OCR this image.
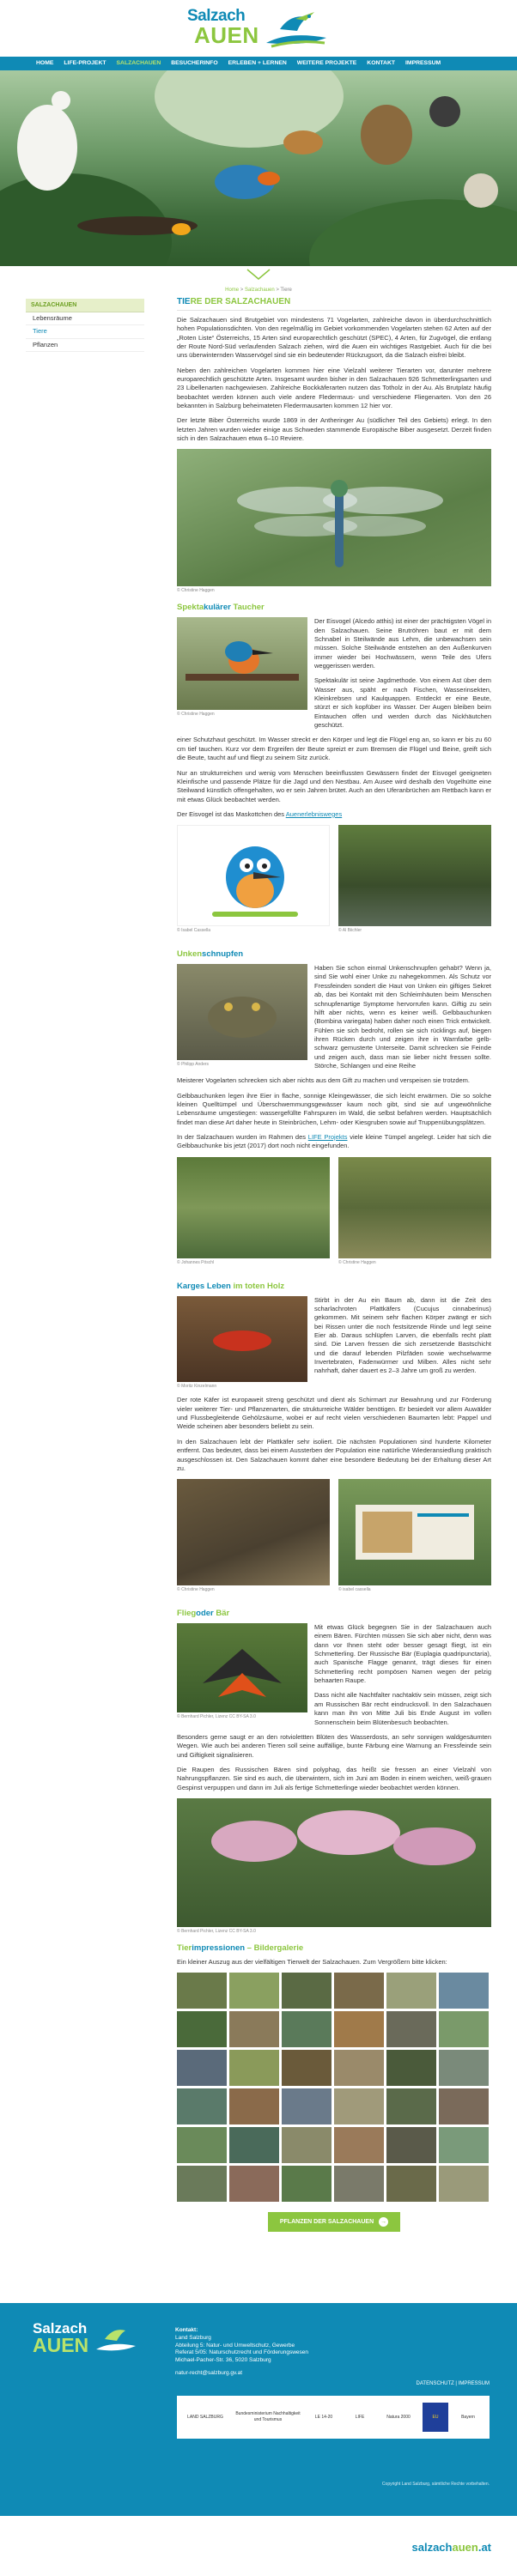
Salzach
AUEN
HOME	LIFE-PROJEKT	SALZACHAUEN	BESUCHERINFO	ERLEBEN + LERNEN	WEITERE PROJEKTE	KONTAKT	IMPRESSUM
Home > Salzachauen > Tiere
SALZACHAUEN
Lebensräume
Tiere
Pflanzen
TIERE DER SALZACHAUEN

Die Salzachauen sind Brutgebiet von mindestens 71 Vogelarten, zahlreiche davon in überdurchschnittlich hohen Populationsdichten. Von den regelmäßig im Gebiet vorkommenden Vogelarten stehen 62 Arten auf der „Roten Liste“ Österreichs, 15 Arten sind europarechtlich geschützt (SPEC), 4 Arten, für Zugvögel, die entlang der Route Nord-Süd verlaufenden Salzach ziehen, wird die Auen ein wichtiges Rastgebiet. Auch für die bei uns überwinternden Wasservögel sind sie ein bedeutender Rückzugsort, da die Salzach eisfrei bleibt.

Neben den zahlreichen Vogelarten kommen hier eine Vielzahl weiterer Tierarten vor, darunter mehrere europarechtlich geschützte Arten. Insgesamt wurden bisher in den Salzachauen 926 Schmetterlingsarten und 23 Libellenarten nachgewiesen. Zahlreiche Bockkäferarten nutzen das Totholz in der Au. Als Brutplatz häufig beobachtet werden können auch viele andere Fledermaus- und verschiedene Fliegenarten. Von den 26 bekannten in Salzburg beheimateten Fledermausarten kommen 12 hier vor.

Der letzte Biber Österreichs wurde 1869 in der Antheringer Au (südlicher Teil des Gebiets) erlegt. In den letzten Jahren wurden wieder einige aus Schweden stammende Europäische Biber ausgesetzt. Derzeit finden sich in den Salzachauen etwa 6–10 Reviere.

© Christine Haggen
Spektakulärer Taucher
© Christine Haggen

Der Eisvogel (Alcedo atthis) ist einer der prächtigsten Vögel in den Salzachauen. Seine Brutröhren baut er mit dem Schnabel in Steilwände aus Lehm, die unbewachsen sein müssen. Solche Steilwände entstehen an den Außenkurven immer wieder bei Hochwässern, wenn Teile des Ufers weggerissen werden.

Spektakulär ist seine Jagdmethode. Von einem Ast über dem Wasser aus, späht er nach Fischen, Wasserinsekten, Kleinkrebsen und Kaulquappen. Entdeckt er eine Beute, stürzt er sich kopfüber ins Wasser. Der Augen bleiben beim Eintauchen offen und werden durch das Nickhäutchen geschützt.

einer Schutzhaut geschützt. Im Wasser streckt er den Körper und legt die Flügel eng an, so kann er bis zu 60 cm tief tauchen. Kurz vor dem Ergreifen der Beute spreizt er zum Bremsen die Flügel und Beine, greift sich die Beute, taucht auf und fliegt zu seinem Sitz zurück.

Nur an strukturreichen und wenig vom Menschen beeinflussten Gewässern findet der Eisvogel geeigneten Kleinfische und passende Plätze für die Jagd und den Nestbau. Am Ausee wird deshalb den Vogelhütte eine Steilwand künstlich offengehalten, wo er sein Jahren brütet. Auch an den Uferanbrüchen am Rettbach kann er mit etwas Glück beobachtet werden.

Der Eisvogel ist das Maskottchen des Auenerlebnisweges

© Isabel Cassella	© Al Biichler
Unkenschnupfen
© Philipp Anders

Haben Sie schon einmal Unkenschnupfen gehabt? Wenn ja, sind Sie wohl einer Unke zu nahegekommen. Als Schutz vor Fressfeinden sondert die Haut von Unken ein giftiges Sekret ab, das bei Kontakt mit den Schleimhäuten beim Menschen schnupfenartige Symptome hervorrufen kann. Giftig zu sein hilft aber nichts, wenn es keiner weiß. Gelbbauchunken (Bombina variegata) haben daher noch einen Trick entwickelt. Fühlen sie sich bedroht, rollen sie sich rücklings auf, biegen ihren Rücken durch und zeigen ihre in Warnfarbe gelb-schwarz gemusterte Unterseite. Damit schrecken sie Feinde und zeigen auch, dass man sie lieber nicht fressen sollte. Störche, Schlangen und eine Reihe

Meisterer Vogelarten schrecken sich aber nichts aus dem Gift zu machen und verspeisen sie trotzdem.

Gelbbauchunken legen ihre Eier in flache, sonnige Kleingewässer, die sich leicht erwärmen. Die so solche kleinen Quelltümpel und Überschwemmungsgewässer kaum noch gibt, sind sie auf ungewöhnliche Lebensräume umgestiegen: wassergefüllte Fahrspuren im Wald, die selbst befahren werden. Hauptsächlich findet man diese Art daher heute in Steinbrüchen, Lehm- oder Kiesgruben sowie auf Truppenübungsplätzen.

In der Salzachauen wurden im Rahmen des LIFE Projekts viele kleine Tümpel angelegt. Leider hat sich die Gelbbauchunke bis jetzt (2017) dort noch nicht eingefunden.

© Johannes Pöschl	© Christine Haggen
Karges Leben im toten Holz
© Moritz Kinzelmann

Stirbt in der Au ein Baum ab, dann ist die Zeit des scharlachroten Plattkäfers (Cucujus cinnaberinus) gekommen. Mit seinem sehr flachen Körper zwängt er sich bei Rissen unter die noch festsitzende Rinde und legt seine Eier ab. Daraus schlüpfen Larven, die ebenfalls recht platt sind. Die Larven fressen die sich zersetzende Bastschicht und die darauf lebenden Pilzfäden sowie wechselwarme Invertebraten, Fadenwürmer und Milben. Alles nicht sehr nahrhaft, daher dauert es 2–3 Jahre um groß zu werden.

Der rote Käfer ist europaweit streng geschützt und dient als Schirmart zur Bewahrung und zur Förderung vieler weiterer Tier- und Pflanzenarten, die strukturreiche Wälder benötigen. Er besiedelt vor allem Auwälder und Flussbegleitende Gehölzsäume, wobei er auf recht vielen verschiedenen Baumarten lebt: Pappel und Weide scheinen aber besonders beliebt zu sein.

In den Salzachauen lebt der Plattkäfer sehr isoliert. Die nächsten Populationen sind hunderte Kilometer entfernt. Das bedeutet, dass bei einem Aussterben der Population eine natürliche Wiederansiedlung praktisch ausgeschlossen ist. Den Salzachauen kommt daher eine besondere Bedeutung bei der Erhaltung dieser Art zu.

© Christine Haggen	© isabel cassella
Fliegoder Bär
© Bernhard Pichler, Lizenz CC BY-SA 3.0

Mit etwas Glück begegnen Sie in der Salzachauen auch einem Bären. Fürchten müssen Sie sich aber nicht, denn was dann vor Ihnen steht oder besser gesagt fliegt, ist ein Schmetterling. Der Russische Bär (Euplagia quadripunctaria), auch Spanische Flagge genannt, trägt dieses für einen Schmetterling recht pompösen Namen wegen der pelzig behaarten Raupe.

Dass nicht alle Nachtfalter nachtaktiv sein müssen, zeigt sich am Russischen Bär recht eindrucksvoll. In den Salzachauen kann man ihn von Mitte Juli bis Ende August im vollen Sonnenschein beim Blütenbesuch beobachten.

Besonders gerne saugt er an den rotviolettten Blüten des Wasserdosts, an sehr sonnigen waldgesäumten Wegen. Wie auch bei anderen Tieren soll seine auffällige, bunte Färbung eine Warnung an Fressfeinde sein und Giftigkeit signalisieren.

Die Raupen des Russischen Bären sind polyphag, das heißt sie fressen an einer Vielzahl von Nahrungspflanzen. Sie sind es auch, die überwintern, sich im Juni am Boden in einem weichen, weiß-grauen Gespinst verpuppen und dann im Juli als fertige Schmetterlinge wieder beobachtet werden können.

© Bernhard Pichler, Lizenz CC BY-SA 3.0
Tierimpressionen – Bildergalerie

Ein kleiner Auszug aus der vielfältigen Tierwelt der Salzachauen. Zum Vergrößern bitte klicken:

PFLANZEN DER SALZACHAUEN →
Salzach
AUEN
Kontakt:
Land Salzburg
Abteilung 5: Natur- und Umweltschutz, Gewerbe
Referat 5/05: Naturschutzrecht und Förderungswesen
Michael-Pacher-Str. 36, 5020 Salzburg
natur-recht@salzburg.gv.at
DATENSCHUTZ | IMPRESSUM
LAND SALZBURG
Bundesministerium Nachhaltigkeit und Tourismus
LE 14-20	LIFE	Natura 2000	EU	Bayern
Copyright Land Salzburg, sämtliche Rechte vorbehalten.
salzachauen.at
